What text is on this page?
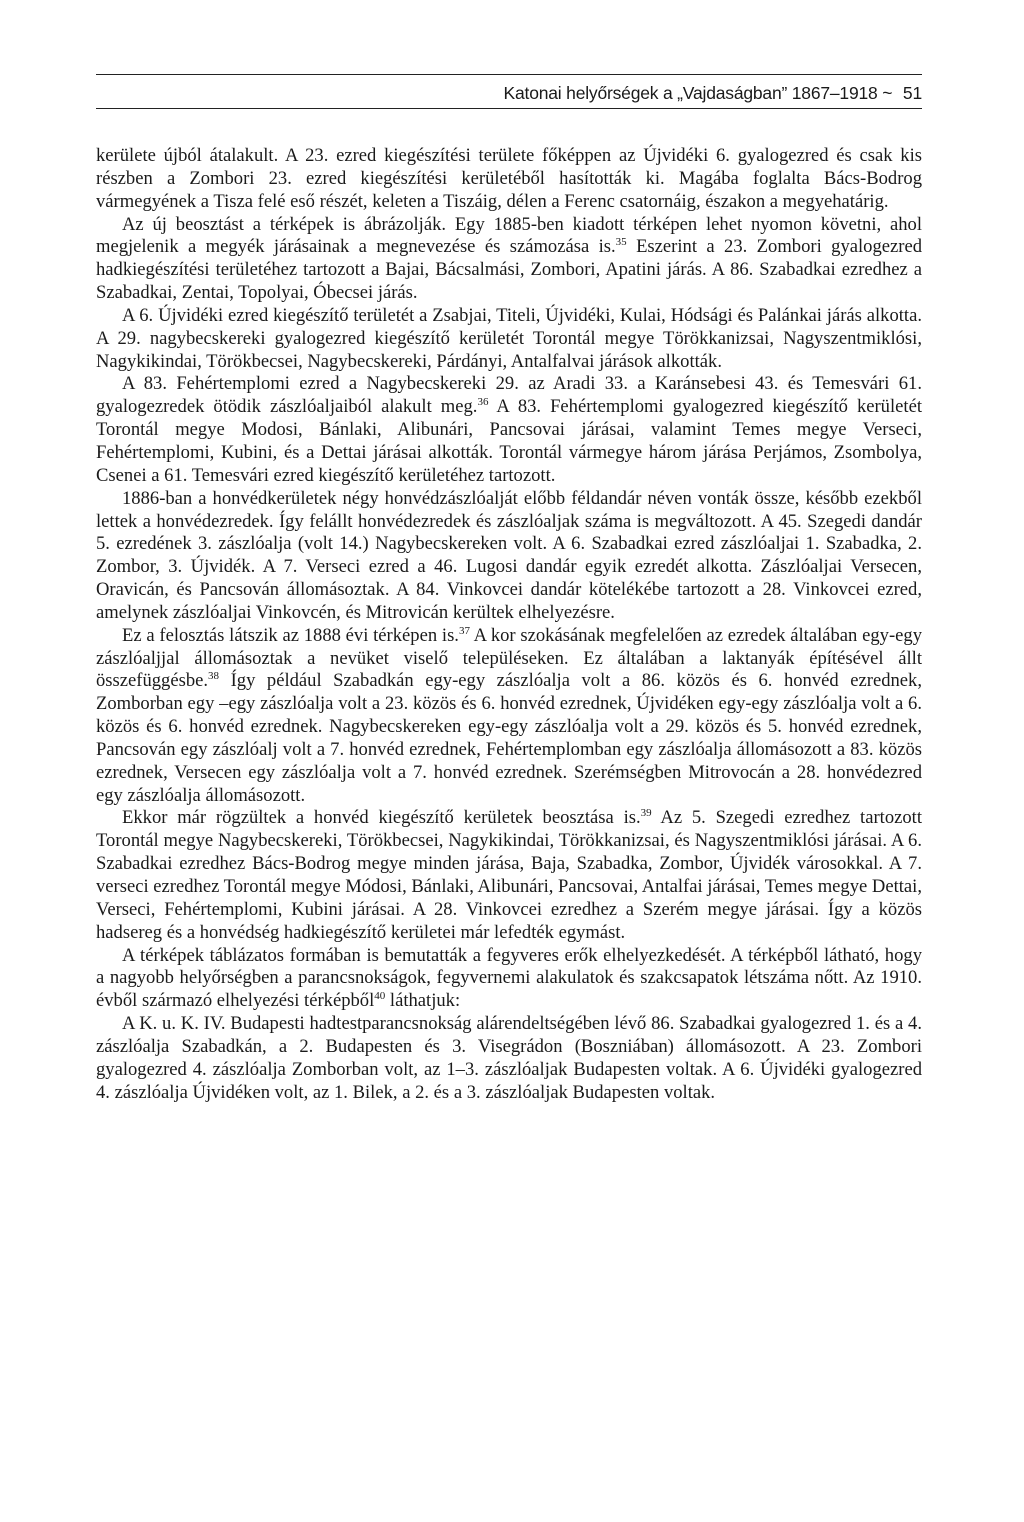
Katonai helyőrségek a „Vajdaságban” 1867–1918 ~ 51

kerülete újból átalakult. A 23. ezred kiegészítési területe főképpen az Újvidéki 6. gyalogezred és csak kis részben a Zombori 23. ezred kiegészítési kerületéből hasították ki. Magába foglalta Bács-Bodrog vármegyének a Tisza felé eső részét, keleten a Tiszáig, délen a Ferenc csatornáig, északon a megyehatárig.

Az új beosztást a térképek is ábrázolják. Egy 1885-ben kiadott térképen lehet nyomon követni, ahol megjelenik a megyék járásainak a megnevezése és számozása is.$^{35}$ Eszerint a 23. Zombori gyalogezred hadkiegészítési területéhez tartozott a Bajai, Bácsalmási, Zombori, Apatini járás. A 86. Szabadkai ezredhez a Szabadkai, Zentai, Topolyai, Óbecsei járás.

A 6. Újvidéki ezred kiegészítő területét a Zsabjai, Titeli, Újvidéki, Kulai, Hódsági és Palánkai járás alkotta. A 29. nagybecskereki gyalogezred kiegészítő kerületét Torontál megye Törökkanizsai, Nagyszentmiklósi, Nagykikindai, Törökbecsei, Nagybecskereki, Párdányi, Antalfalvai járások alkották.

A 83. Fehértemplomi ezred a Nagybecskereki 29. az Aradi 33. a Karánsebesi 43. és Temesvári 61. gyalogezredek ötödik zászlóaljaiból alakult meg.$^{36}$ A 83. Fehértemplomi gyalogezred kiegészítő kerületét Torontál megye Modosi, Bánlaki, Alibunári, Pancsovai járásai, valamint Temes megye Verseci, Fehértemplomi, Kubini, és a Dettai járásai alkották. Torontál vármegye három járása Perjámos, Zsombolya, Csenei a 61. Temesvári ezred kiegészítő kerületéhez tartozott.

1886-ban a honvédkerületek négy honvédzászlóalját előbb féldandár néven vonták össze, később ezekből lettek a honvédezredek. Így felállt honvédezredek és zászlóaljak száma is megváltozott. A 45. Szegedi dandár 5. ezredének 3. zászlóalja (volt 14.) Nagybecskereken volt. A 6. Szabadkai ezred zászlóaljai 1. Szabadka, 2. Zombor, 3. Újvidék. A 7. Verseci ezred a 46. Lugosi dandár egyik ezredét alkotta. Zászlóaljai Versecen, Oravicán, és Pancsován állomásoztak. A 84. Vinkovcei dandár kötelékébe tartozott a 28. Vinkovcei ezred, amelynek zászlóaljai Vinkovcén, és Mitrovicán kerültek elhelyezésre.

Ez a felosztás látszik az 1888 évi térképen is.$^{37}$ A kor szokásának megfelelően az ezredek általában egy-egy zászlóaljjal állomásoztak a nevüket viselő településeken. Ez általában a laktanyák építésével állt összefüggésbe.$^{38}$ Így például Szabadkán egy-egy zászlóalja volt a 86. közös és 6. honvéd ezrednek, Zomborban egy –egy zászlóalja volt a 23. közös és 6. honvéd ezrednek, Újvidéken egy-egy zászlóalja volt a 6. közös és 6. honvéd ezrednek. Nagybecskereken egy-egy zászlóalja volt a 29. közös és 5. honvéd ezrednek, Pancsován egy zászlóalj volt a 7. honvéd ezrednek, Fehértemplomban egy zászlóalja állomásozott a 83. közös ezrednek, Versecen egy zászlóalja volt a 7. honvéd ezrednek. Szerémségben Mitrovocán a 28. honvédezred egy zászlóalja állomásozott.

Ekkor már rögzültek a honvéd kiegészítő kerületek beosztása is.$^{39}$ Az 5. Szegedi ezredhez tartozott Torontál megye Nagybecskereki, Törökbecsei, Nagykikindai, Törökkanizsai, és Nagyszentmiklósi járásai. A 6. Szabadkai ezredhez Bács-Bodrog megye minden járása, Baja, Szabadka, Zombor, Újvidék városokkal. A 7. verseci ezredhez Torontál megye Módosi, Bánlaki, Alibunári, Pancsovai, Antalfai járásai, Temes megye Dettai, Verseci, Fehértemplomi, Kubini járásai. A 28. Vinkovcei ezredhez a Szerém megye járásai. Így a közös hadsereg és a honvédség hadkiegészítő kerületei már lefedték egymást.

A térképek táblázatos formában is bemutatták a fegyveres erők elhelyezkedését. A térképből látható, hogy a nagyobb helyőrségben a parancsnokságok, fegyvernemi alakulatok és szakcsapatok létszáma nőtt. Az 1910. évből származó elhelyezési térképből$^{40}$ láthatjuk:

A K. u. K. IV. Budapesti hadtestparancsnokság alárendeltségében lévő 86. Szabadkai gyalogezred 1. és a 4. zászlóalja Szabadkán, a 2. Budapesten és 3. Visegrádon (Boszniában) állomásozott. A 23. Zombori gyalogezred 4. zászlóalja Zomborban volt, az 1–3. zászlóaljak Budapesten voltak. A 6. Újvidéki gyalogezred 4. zászlóalja Újvidéken volt, az 1. Bilek, a 2. és a 3. zászlóaljak Budapesten voltak.
